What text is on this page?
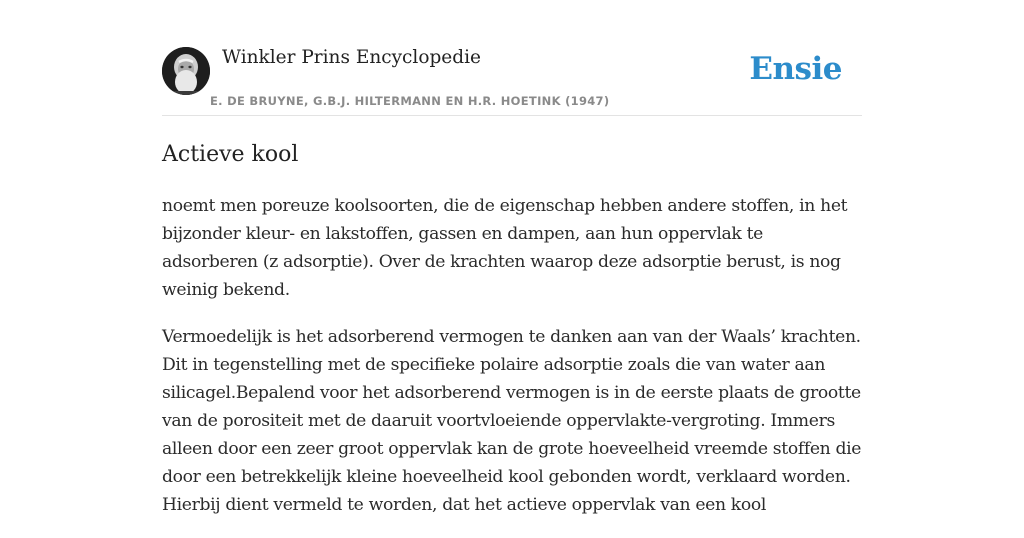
Winkler Prins Encyclopedie
E. DE BRUYNE, G.B.J. HILTERMANN EN H.R. HOETINK (1947)
Ensie
Actieve kool

noemt men poreuze koolsoorten, die de eigenschap hebben andere stoffen, in het
bijzonder kleur- en lakstoffen, gassen en dampen, aan hun oppervlak te
adsorberen (z adsorptie). Over de krachten waarop deze adsorptie berust, is nog
weinig bekend.

Vermoedelijk is het adsorberend vermogen te danken aan van der Waals’ krachten.
Dit in tegenstelling met de specifieke polaire adsorptie zoals die van water aan
silicagel.Bepalend voor het adsorberend vermogen is in de eerste plaats de grootte
van de porositeit met de daaruit voortvloeiende oppervlakte-vergroting. Immers
alleen door een zeer groot oppervlak kan de grote hoeveelheid vreemde stoffen die
door een betrekkelijk kleine hoeveelheid kool gebonden wordt, verklaard worden.
Hierbij dient vermeld te worden, dat het actieve oppervlak van een kool
